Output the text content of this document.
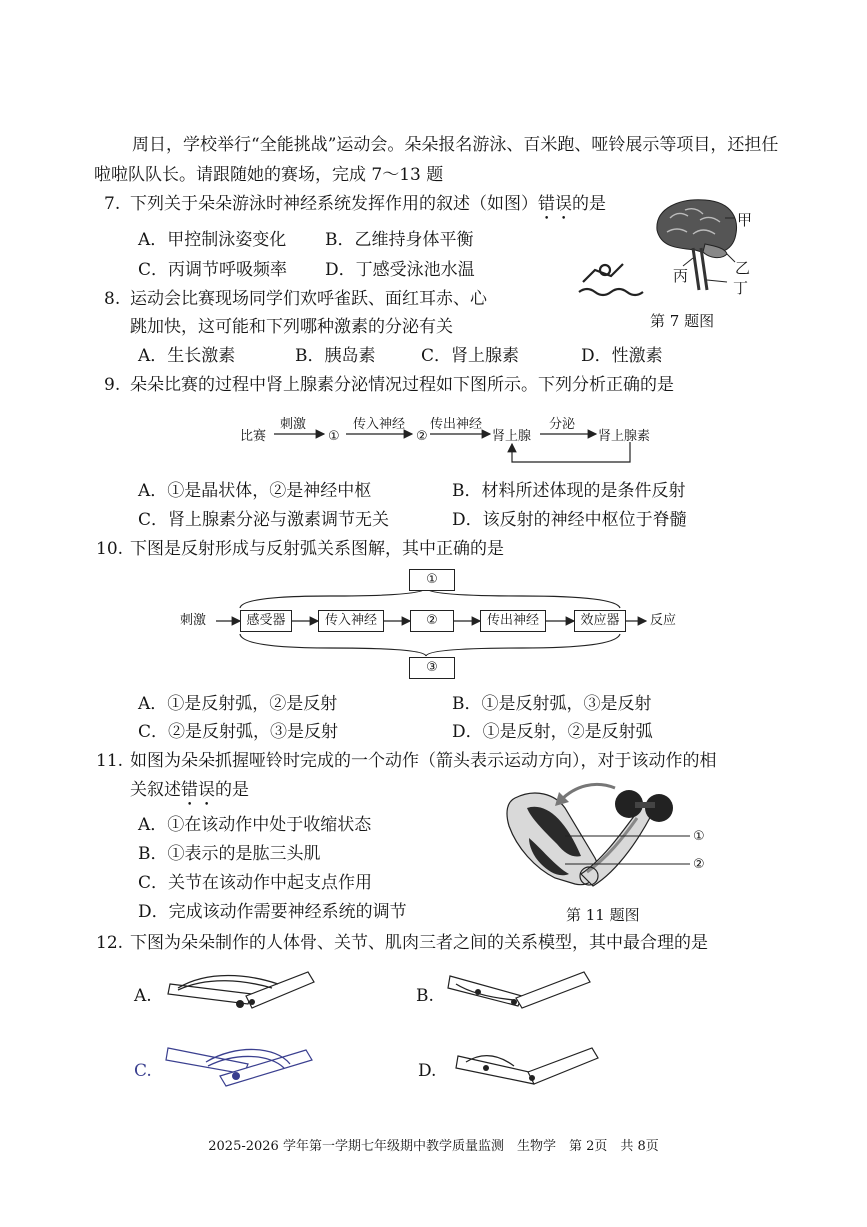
周日，学校举行“全能挑战”运动会。朵朵报名游泳、百米跑、哑铃展示等项目，还担任啦啦队队长。请跟随她的赛场，完成 7～13 题
7. 下列关于朵朵游泳时神经系统发挥作用的叙述（如图）错误的是
A．甲控制泳姿变化 B．乙维持身体平衡
C．丙调节呼吸频率 D．丁感受泳池水温
甲
乙
丙
丁
第 7 题图
8. 运动会比赛现场同学们欢呼雀跃、面红耳赤、心
跳加快，这可能和下列哪种激素的分泌有关
A．生长激素	B．胰岛素	C．肾上腺素	D．性激素
9. 朵朵比赛的过程中肾上腺素分泌情况过程如下图所示。下列分析正确的是
比赛
刺激
①
传入神经
②
传出神经
肾上腺
分泌
肾上腺素
A．①是晶状体，②是神经中枢	B．材料所述体现的是条件反射
C．肾上腺素分泌与激素调节无关	D．该反射的神经中枢位于脊髓
10. 下图是反射形成与反射弧关系图解，其中正确的是
①
刺激	感受器	传入神经	②	传出神经	效应器	反应
③
A．①是反射弧，②是反射	B．①是反射弧，③是反射
C．②是反射弧，③是反射	D．①是反射，②是反射弧
11. 如图为朵朵抓握哑铃时完成的一个动作（箭头表示运动方向），对于该动作的相
关叙述错误的是
A．①在该动作中处于收缩状态
B．①表示的是肱三头肌
C．关节在该动作中起支点作用
D．完成该动作需要神经系统的调节
①
②
第 11 题图
12. 下图为朵朵制作的人体骨、关节、肌肉三者之间的关系模型，其中最合理的是
A.	B.
C.	D.
2025-2026 学年第一学期七年级期中教学质量监测　生物学　第 2页　共 8页
